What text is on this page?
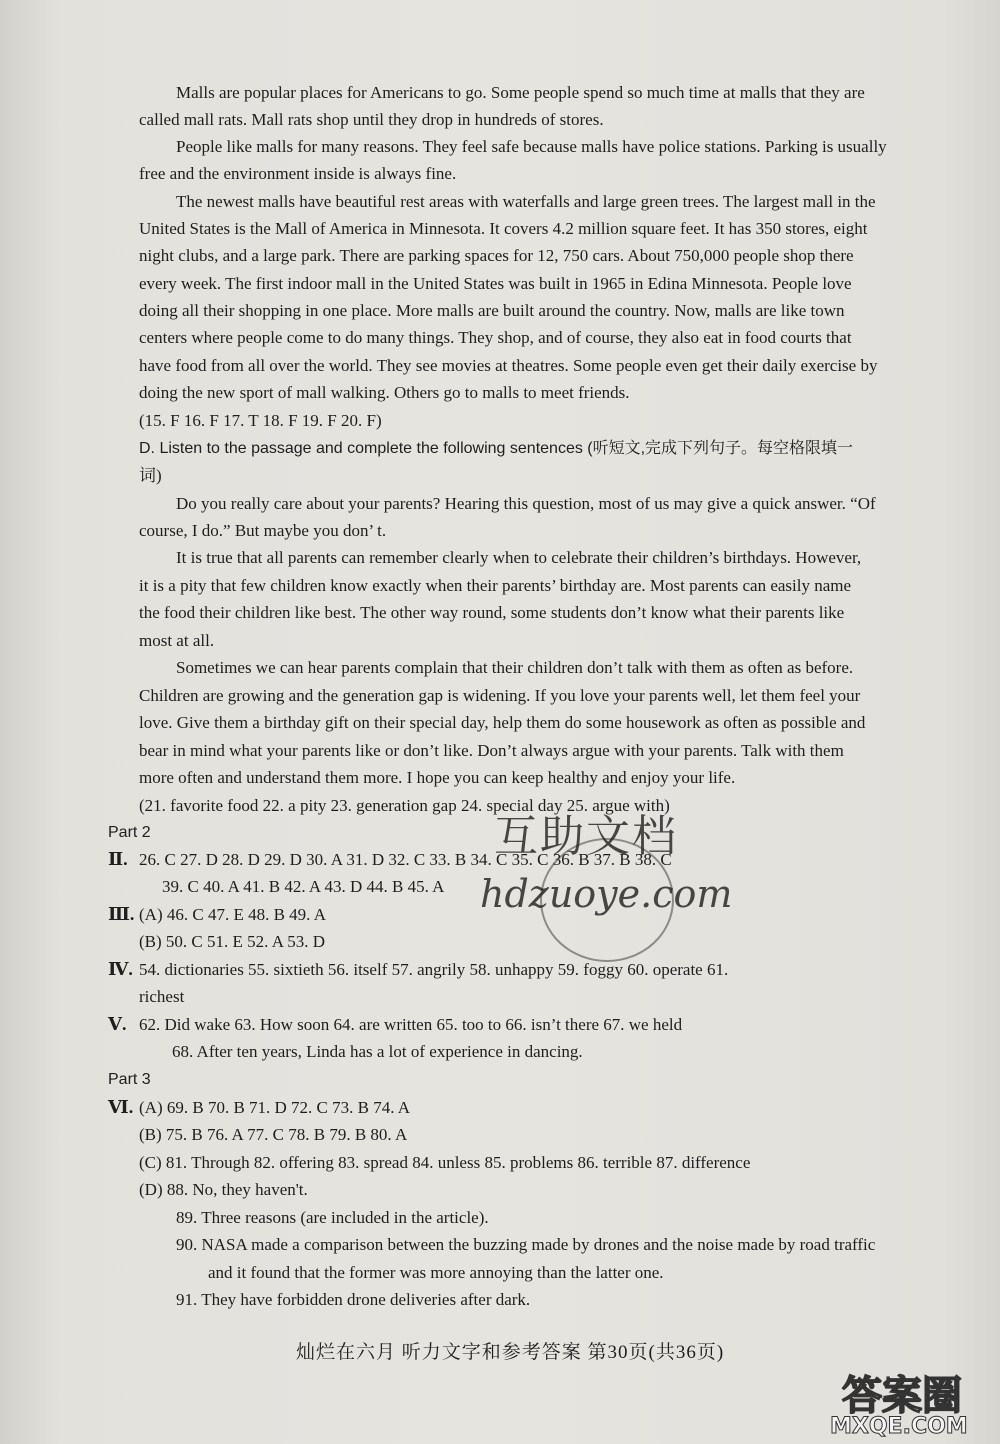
Malls are popular places for Americans to go. Some people spend so much time at malls that they are
called mall rats. Mall rats shop until they drop in hundreds of stores.
People like malls for many reasons. They feel safe because malls have police stations. Parking is usually
free and the environment inside is always fine.
The newest malls have beautiful rest areas with waterfalls and large green trees. The largest mall in the
United States is the Mall of America in Minnesota. It covers 4.2 million square feet. It has 350 stores, eight
night clubs, and a large park. There are parking spaces for 12, 750 cars. About 750,000 people shop there
every week. The first indoor mall in the United States was built in 1965 in Edina Minnesota. People love
doing all their shopping in one place. More malls are built around the country. Now, malls are like town
centers where people come to do many things. They shop, and of course, they also eat in food courts that
have food from all over the world. They see movies at theatres. Some people even get their daily exercise by
doing the new sport of mall walking. Others go to malls to meet friends.
(15. F 16. F 17. T 18. F 19. F 20. F)
D. Listen to the passage and complete the following sentences (听短文,完成下列句子。每空格限填一
词)
Do you really care about your parents? Hearing this question, most of us may give a quick answer. “Of
course, I do.” But maybe you don’ t.
It is true that all parents can remember clearly when to celebrate their children’s birthdays. However,
it is a pity that few children know exactly when their parents’ birthday are. Most parents can easily name
the food their children like best. The other way round, some students don’t know what their parents like
most at all.
Sometimes we can hear parents complain that their children don’t talk with them as often as before.
Children are growing and the generation gap is widening. If you love your parents well, let them feel your
love. Give them a birthday gift on their special day, help them do some housework as often as possible and
bear in mind what your parents like or don’t like. Don’t always argue with your parents. Talk with them
more often and understand them more. I hope you can keep healthy and enjoy your life.
(21. favorite food 22. a pity 23. generation gap 24. special day 25. argue with)
Part 2
Ⅱ. 26. C 27. D 28. D 29. D 30. A 31. D 32. C 33. B 34. C 35. C 36. B 37. B 38. C
39. C 40. A 41. B 42. A 43. D 44. B 45. A
Ⅲ. (A) 46. C 47. E 48. B 49. A
(B) 50. C 51. E 52. A 53. D
Ⅳ. 54. dictionaries 55. sixtieth 56. itself 57. angrily 58. unhappy 59. foggy 60. operate 61.
richest
Ⅴ. 62. Did wake 63. How soon 64. are written 65. too to 66. isn’t there 67. we held
68. After ten years, Linda has a lot of experience in dancing.
Part 3
Ⅵ. (A) 69. B 70. B 71. D 72. C 73. B 74. A
(B) 75. B 76. A 77. C 78. B 79. B 80. A
(C) 81. Through 82. offering 83. spread 84. unless 85. problems 86. terrible 87. difference
(D) 88. No, they haven't.
89. Three reasons (are included in the article).
90. NASA made a comparison between the buzzing made by drones and the noise made by road traffic
and it found that the former was more annoying than the latter one.
91. They have forbidden drone deliveries after dark.
灿烂在六月 听力文字和参考答案 第30页(共36页)
互助文档
hdzuoye.com
答案圈
MXQE.COM
